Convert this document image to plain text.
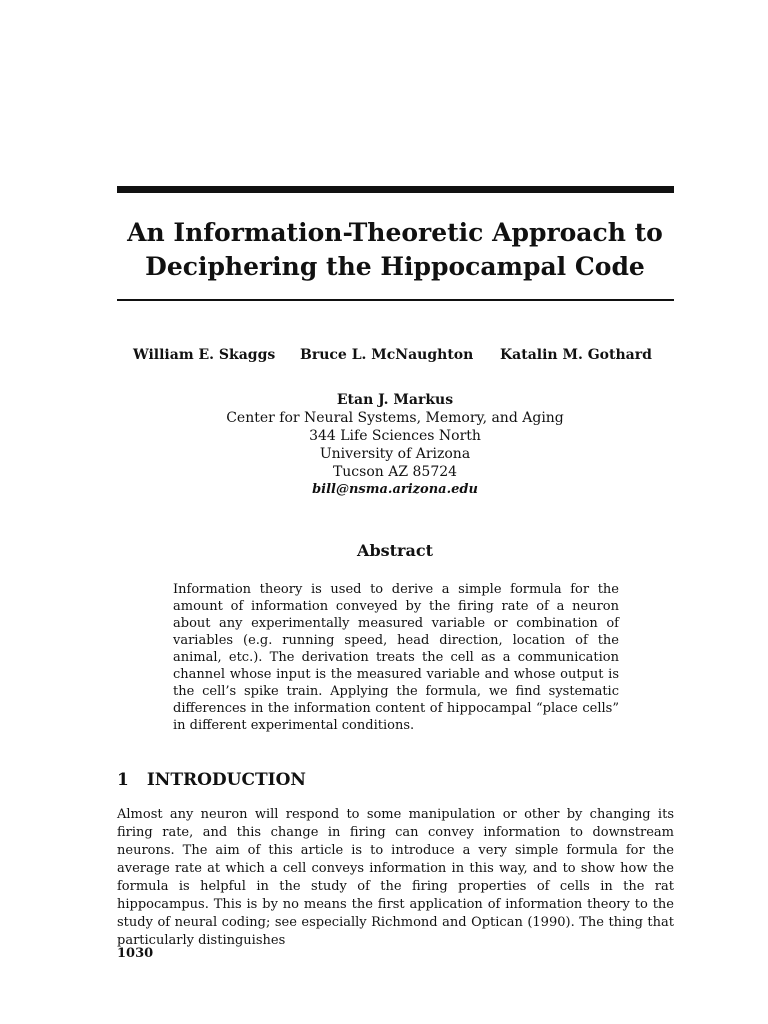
An Information-Theoretic Approach to
Deciphering the Hippocampal Code
William E. Skaggs Bruce L. McNaughton Katalin M. Gothard
Etan J. Markus
Center for Neural Systems, Memory, and Aging
344 Life Sciences North
University of Arizona
Tucson AZ 85724
bill@nsma.arizona.edu
Abstract
Information theory is used to derive a simple formula for the amount of information conveyed by the firing rate of a neuron about any experimentally measured variable or combination of variables (e.g. running speed, head direction, location of the animal, etc.). The derivation treats the cell as a communication channel whose input is the measured variable and whose output is the cell’s spike train. Applying the formula, we find systematic differences in the information content of hippocampal “place cells” in different experimental conditions.
1 INTRODUCTION
Almost any neuron will respond to some manipulation or other by changing its firing rate, and this change in firing can convey information to downstream neurons. The aim of this article is to introduce a very simple formula for the average rate at which a cell conveys information in this way, and to show how the formula is helpful in the study of the firing properties of cells in the rat hippocampus. This is by no means the first application of information theory to the study of neural coding; see especially Richmond and Optican (1990). The thing that particularly distinguishes
1030
